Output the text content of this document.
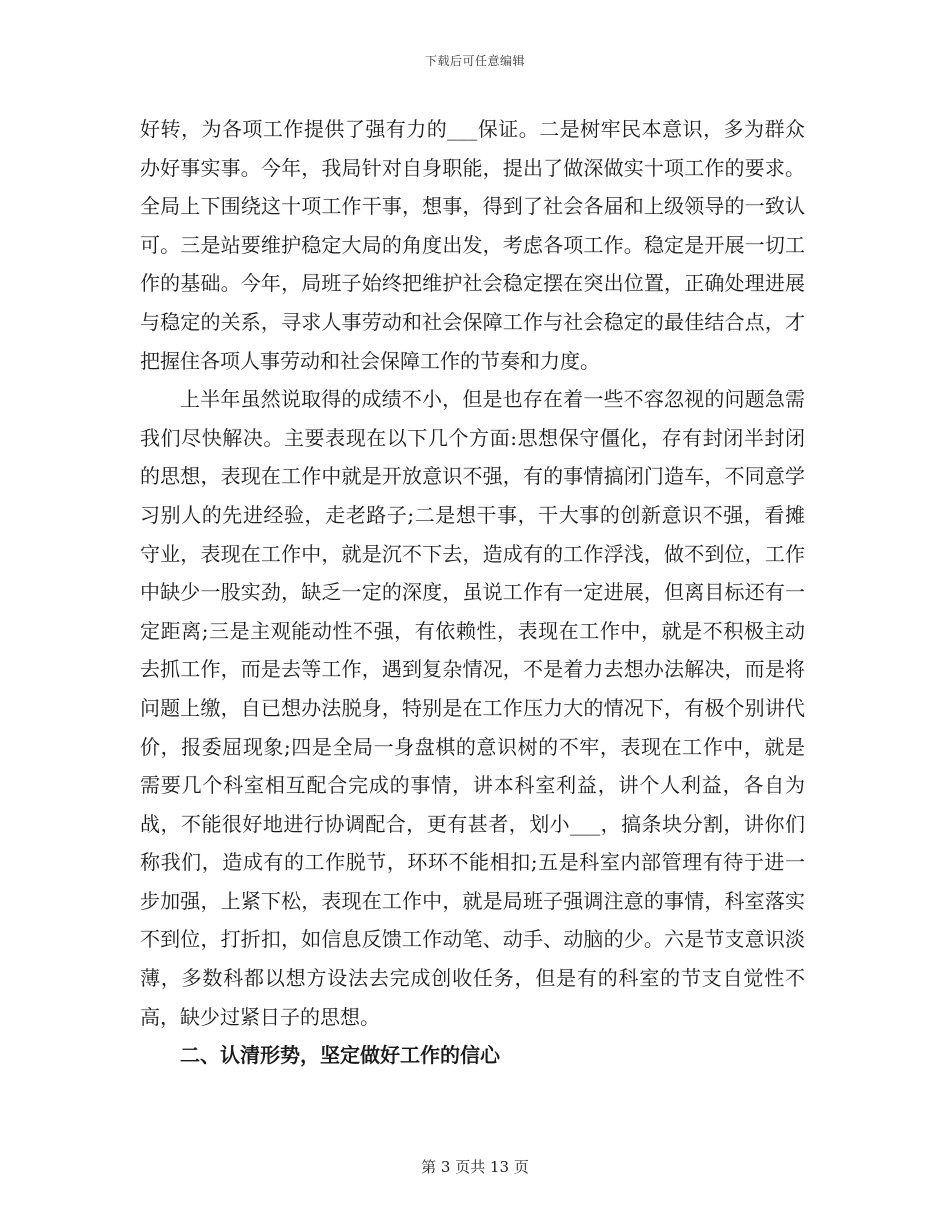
下载后可任意编辑

好转，为各项工作提供了强有力的___保证。二是树牢民本意识，多为群众办好事实事。今年，我局针对自身职能，提出了做深做实十项工作的要求。全局上下围绕这十项工作干事，想事，得到了社会各届和上级领导的一致认可。三是站要维护稳定大局的角度出发，考虑各项工作。稳定是开展一切工作的基础。今年，局班子始终把维护社会稳定摆在突出位置，正确处理进展与稳定的关系，寻求人事劳动和社会保障工作与社会稳定的最佳结合点，才把握住各项人事劳动和社会保障工作的节奏和力度。

上半年虽然说取得的成绩不小，但是也存在着一些不容忽视的问题急需我们尽快解决。主要表现在以下几个方面:思想保守僵化，存有封闭半封闭的思想，表现在工作中就是开放意识不强，有的事情搞闭门造车，不同意学习别人的先进经验，走老路子;二是想干事，干大事的创新意识不强，看摊守业，表现在工作中，就是沉不下去，造成有的工作浮浅，做不到位，工作中缺少一股实劲，缺乏一定的深度，虽说工作有一定进展，但离目标还有一定距离;三是主观能动性不强，有依赖性，表现在工作中，就是不积极主动去抓工作，而是去等工作，遇到复杂情况，不是着力去想办法解决，而是将问题上缴，自已想办法脱身，特别是在工作压力大的情况下，有极个别讲代价，报委屈现象;四是全局一身盘棋的意识树的不牢，表现在工作中，就是需要几个科室相互配合完成的事情，讲本科室利益，讲个人利益，各自为战，不能很好地进行协调配合，更有甚者，划小___，搞条块分割，讲你们称我们，造成有的工作脱节，环环不能相扣;五是科室内部管理有待于进一步加强，上紧下松，表现在工作中，就是局班子强调注意的事情，科室落实不到位，打折扣，如信息反馈工作动笔、动手、动脑的少。六是节支意识淡薄，多数科都以想方设法去完成创收任务，但是有的科室的节支自觉性不高，缺少过紧日子的思想。

二、认清形势，坚定做好工作的信心

第 3 页共 13 页
